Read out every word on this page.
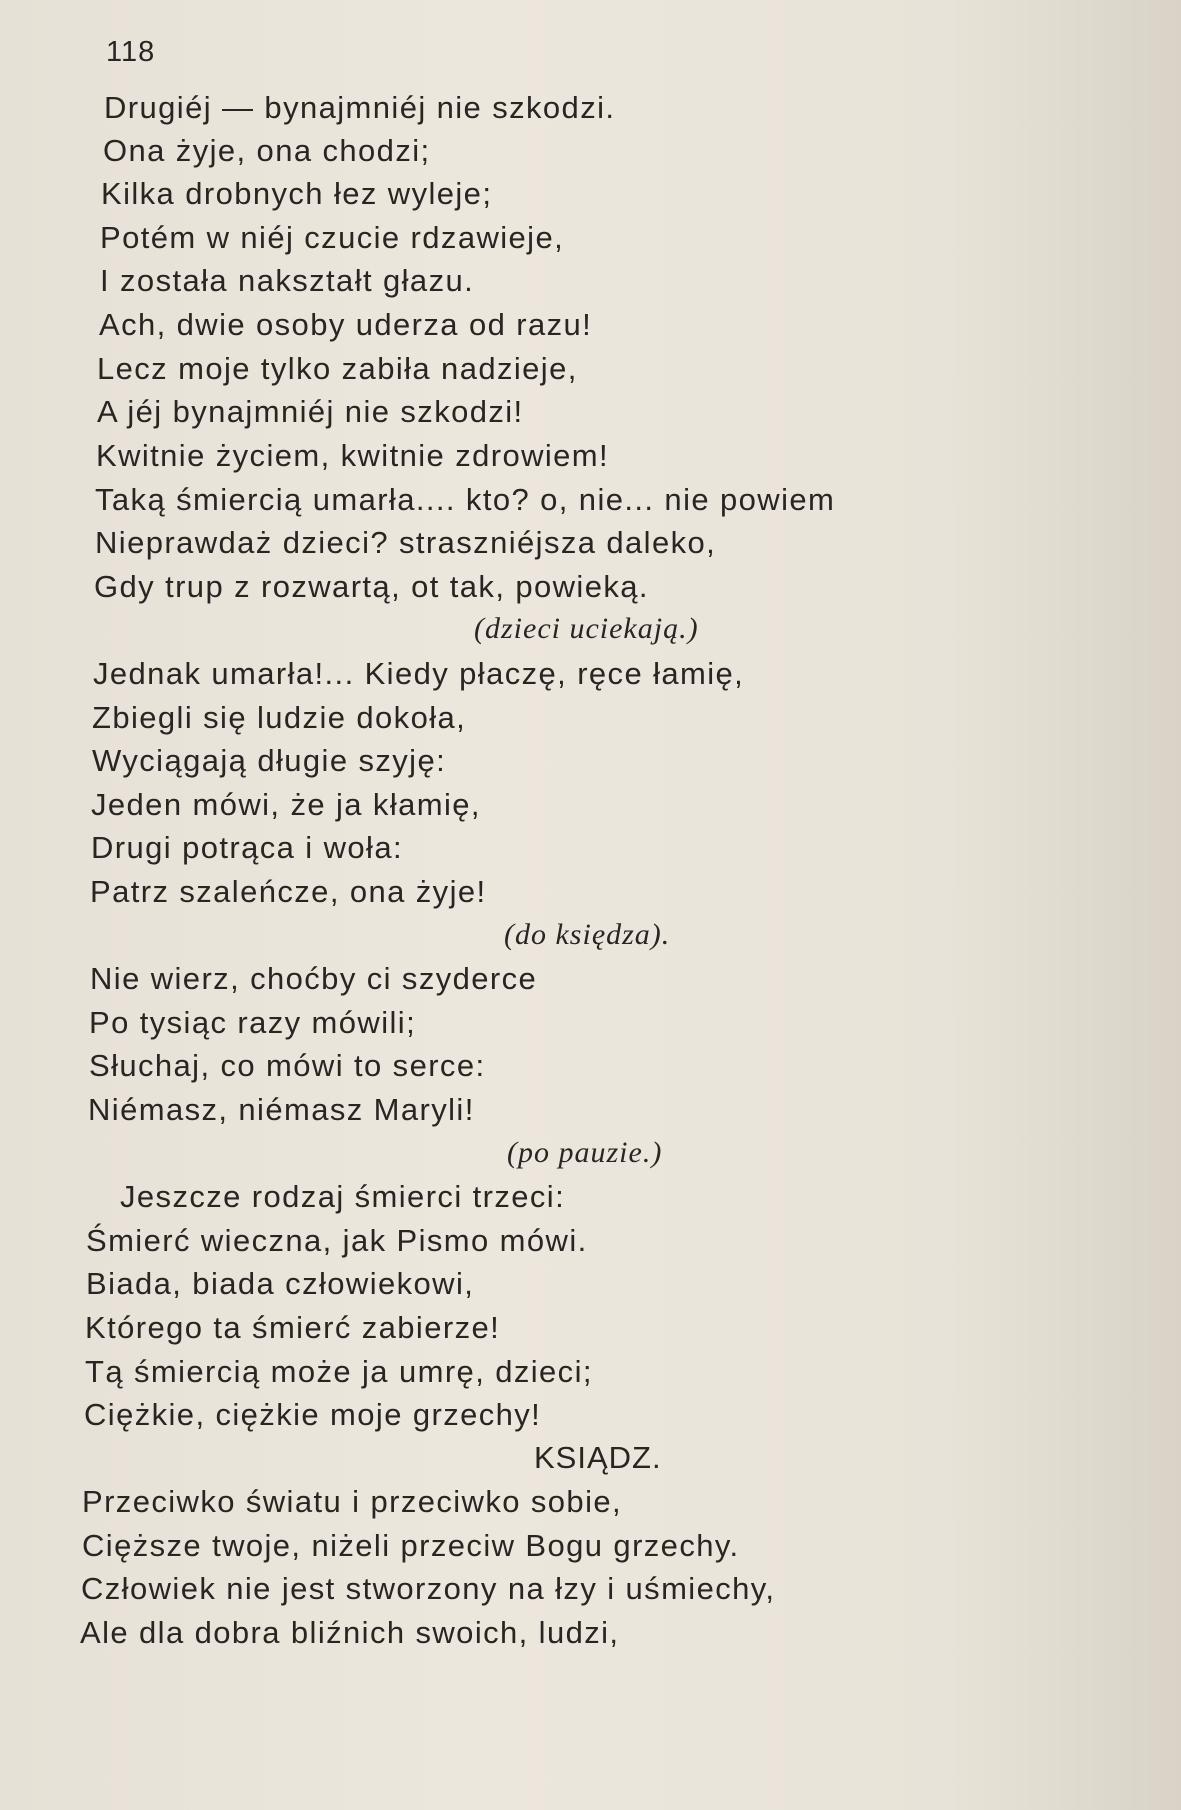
118
Drugiéj — bynajmniéj nie szkodzi.
Ona żyje, ona chodzi;
Kilka drobnych łez wyleje;
Potém w niéj czucie rdzawieje,
I została nakształt głazu.
Ach, dwie osoby uderza od razu!
Lecz moje tylko zabiła nadzieje,
A jéj bynajmniéj nie szkodzi!
Kwitnie życiem, kwitnie zdrowiem!
Taką śmiercią umarła.... kto? o, nie... nie powiem
Nieprawdaż dzieci? straszniéjsza daleko,
Gdy trup z rozwartą, ot tak, powieką.
(dzieci uciekają.)
Jednak umarła!... Kiedy płaczę, ręce łamię,
Zbiegli się ludzie dokoła,
Wyciągają długie szyję:
Jeden mówi, że ja kłamię,
Drugi potrąca i woła:
Patrz szaleńcze, ona żyje!
(do księdza).
Nie wierz, choćby ci szyderce
Po tysiąc razy mówili;
Słuchaj, co mówi to serce:
Niémasz, niémasz Maryli!
(po pauzie.)
Jeszcze rodzaj śmierci trzeci:
Śmierć wieczna, jak Pismo mówi.
Biada, biada człowiekowi,
Którego ta śmierć zabierze!
Tą śmiercią może ja umrę, dzieci;
Ciężkie, ciężkie moje grzechy!
KSIĄDZ.
Przeciwko światu i przeciwko sobie,
Cięższe twoje, niżeli przeciw Bogu grzechy.
Człowiek nie jest stworzony na łzy i uśmiechy,
Ale dla dobra bliźnich swoich, ludzi,
